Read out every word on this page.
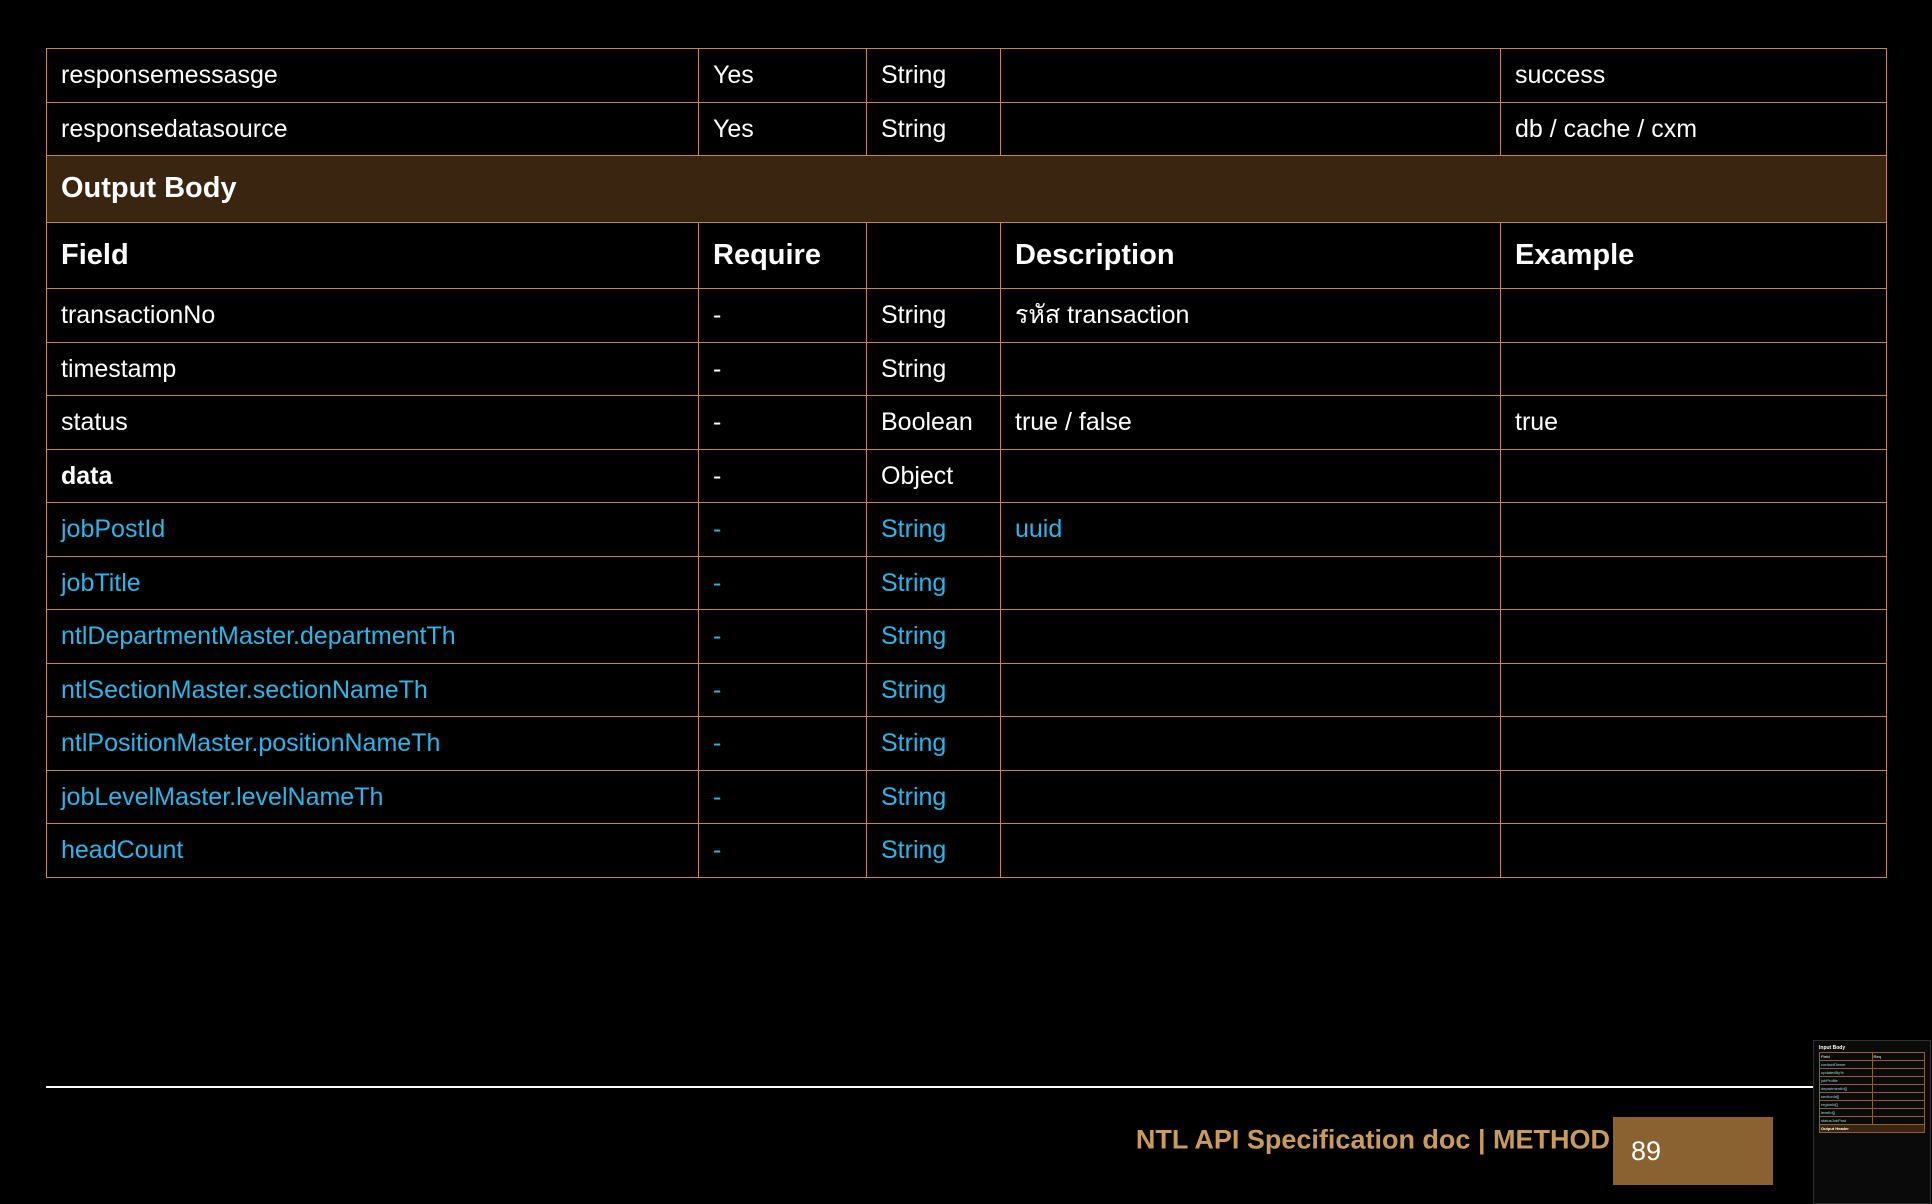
responsemessasge	Yes	String		success
responsedatasource	Yes	String		db / cache / cxm
Output Body				
Field	Require		Description	Example
transactionNo	-	String	รหัส transaction	
timestamp	-	String		
status	-	Boolean	true / false	true
data	-	Object		
jobPostId	-	String	uuid	
jobTitle	-	String		
ntlDepartmentMaster.departmentTh	-	String		
ntlSectionMaster.sectionNameTh	-	String		
ntlPositionMaster.positionNameTh	-	String		
jobLevelMaster.levelNameTh	-	String		
headCount	-	String		
NTL API Specification doc | METHOD 89
Input Body
Field	Req
contactOwner	
updatedBy%	
jobProfile	
departmentId[]	
sectionId[]	
regionId[]	
levelId[]	
statusJobPost	
Output Header	
